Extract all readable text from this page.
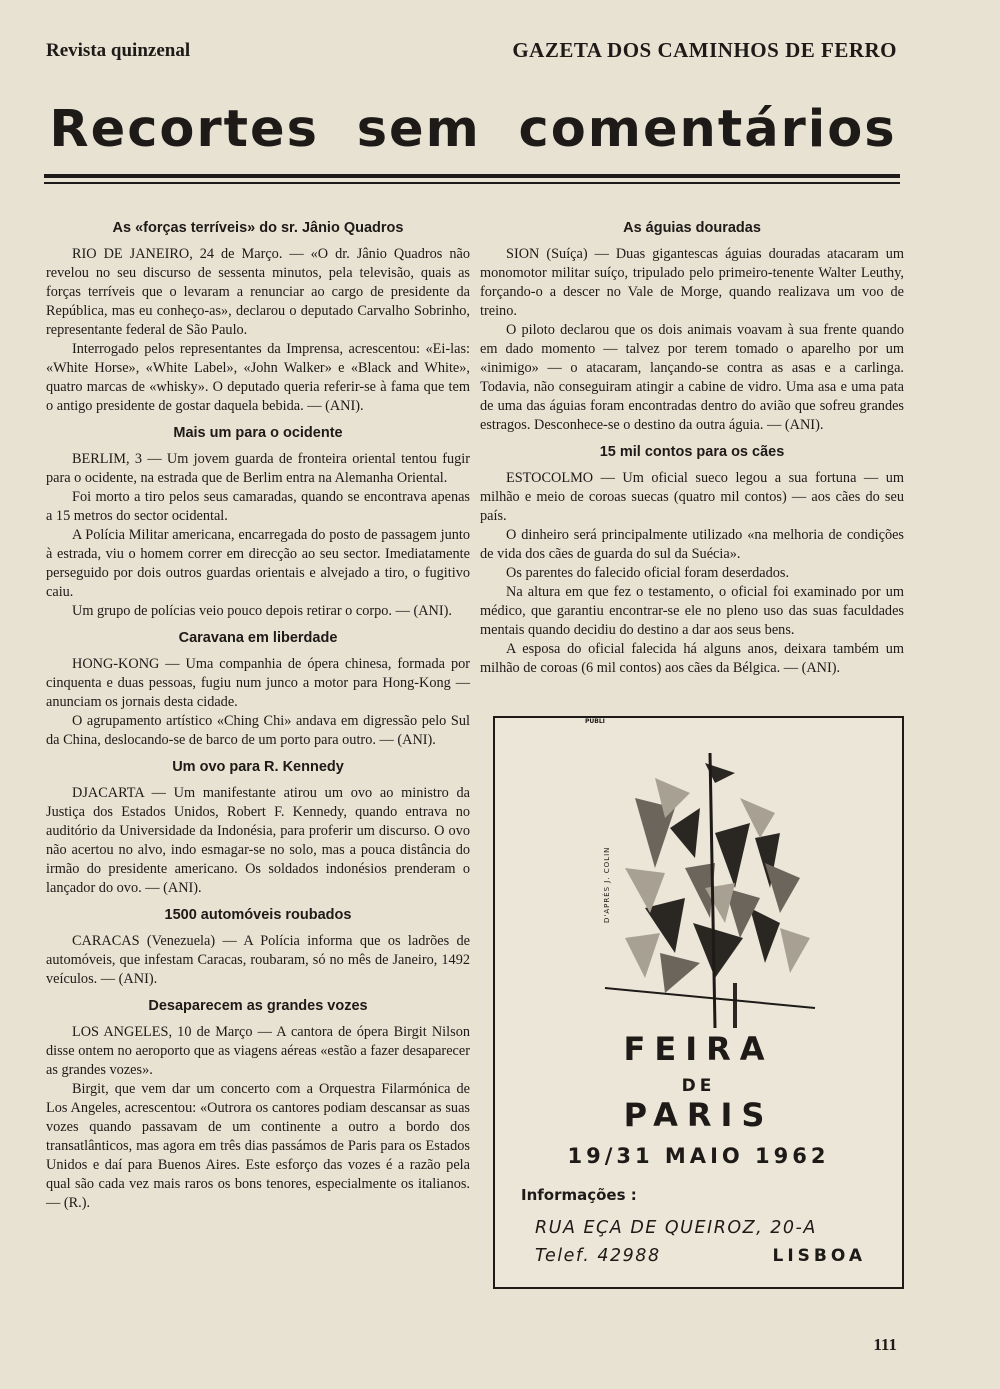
Revista quinzenal	GAZETA DOS CAMINHOS DE FERRO
Recortes sem comentários
As «forças terríveis» do sr. Jânio Quadros

RIO DE JANEIRO, 24 de Março. — «O dr. Jânio Quadros não revelou no seu discurso de sessenta minutos, pela televisão, quais as forças terríveis que o levaram a renunciar ao cargo de presidente da República, mas eu conheço-as», declarou o deputado Carvalho Sobrinho, representante federal de São Paulo.

Interrogado pelos representantes da Imprensa, acrescentou: «Ei-las: «White Horse», «White Label», «John Walker» e «Black and White», quatro marcas de «whisky». O deputado queria referir-se à fama que tem o antigo presidente de gostar daquela bebida. — (ANI).

Mais um para o ocidente

BERLIM, 3 — Um jovem guarda de fronteira oriental tentou fugir para o ocidente, na estrada que de Berlim entra na Alemanha Oriental.

Foi morto a tiro pelos seus camaradas, quando se encontrava apenas a 15 metros do sector ocidental.

A Polícia Militar americana, encarregada do posto de passagem junto à estrada, viu o homem correr em direcção ao seu sector. Imediatamente perseguido por dois outros guardas orientais e alvejado a tiro, o fugitivo caiu.

Um grupo de polícias veio pouco depois retirar o corpo. — (ANI).

Caravana em liberdade

HONG-KONG — Uma companhia de ópera chinesa, formada por cinquenta e duas pessoas, fugiu num junco a motor para Hong-Kong — anunciam os jornais desta cidade.

O agrupamento artístico «Ching Chi» andava em digressão pelo Sul da China, deslocando-se de barco de um porto para outro. — (ANI).

Um ovo para R. Kennedy

DJACARTA — Um manifestante atirou um ovo ao ministro da Justiça dos Estados Unidos, Robert F. Kennedy, quando entrava no auditório da Universidade da Indonésia, para proferir um discurso. O ovo não acertou no alvo, indo esmagar-se no solo, mas a pouca distância do irmão do presidente americano. Os soldados indonésios prenderam o lançador do ovo. — (ANI).

1500 automóveis roubados

CARACAS (Venezuela) — A Polícia informa que os ladrões de automóveis, que infestam Caracas, roubaram, só no mês de Janeiro, 1492 veículos. — (ANI).

Desaparecem as grandes vozes

LOS ANGELES, 10 de Março — A cantora de ópera Birgit Nilson disse ontem no aeroporto que as viagens aéreas «estão a fazer desaparecer as grandes vozes».

Birgit, que vem dar um concerto com a Orquestra Filarmónica de Los Angeles, acrescentou: «Outrora os cantores podiam descansar as suas vozes quando passavam de um continente a outro a bordo dos transatlânticos, mas agora em três dias passámos de Paris para os Estados Unidos e daí para Buenos Aires. Este esforço das vozes é a razão pela qual são cada vez mais raros os bons tenores, especialmente os italianos. — (R.).

As águias douradas

SION (Suíça) — Duas gigantescas águias douradas atacaram um monomotor militar suíço, tripulado pelo primeiro-tenente Walter Leuthy, forçando-o a descer no Vale de Morge, quando realizava um voo de treino.

O piloto declarou que os dois animais voavam à sua frente quando em dado momento — talvez por terem tomado o aparelho por um «inimigo» — o atacaram, lançando-se contra as asas e a carlinga. Todavia, não conseguiram atingir a cabine de vidro. Uma asa e uma pata de uma das águias foram encontradas dentro do avião que sofreu grandes estragos. Desconhece-se o destino da outra águia. — (ANI).

15 mil contos para os cães

ESTOCOLMO — Um oficial sueco legou a sua fortuna — um milhão e meio de coroas suecas (quatro mil contos) — aos cães do seu país.

O dinheiro será principalmente utilizado «na melhoria de condições de vida dos cães de guarda do sul da Suécia».

Os parentes do falecido oficial foram deserdados.

Na altura em que fez o testamento, o oficial foi examinado por um médico, que garantiu encontrar-se ele no pleno uso das suas faculdades mentais quando decidiu do destino a dar aos seus bens.

A esposa do oficial falecida há alguns anos, deixara também um milhão de coroas (6 mil contos) aos cães da Bélgica. — (ANI).

PUBLI
D'APRÈS J. COLIN
FEIRA
DE
PARIS
19/31 MAIO 1962
Informações :
RUA EÇA DE QUEIROZ, 20-A
Telef. 42988	LISBOA
111
